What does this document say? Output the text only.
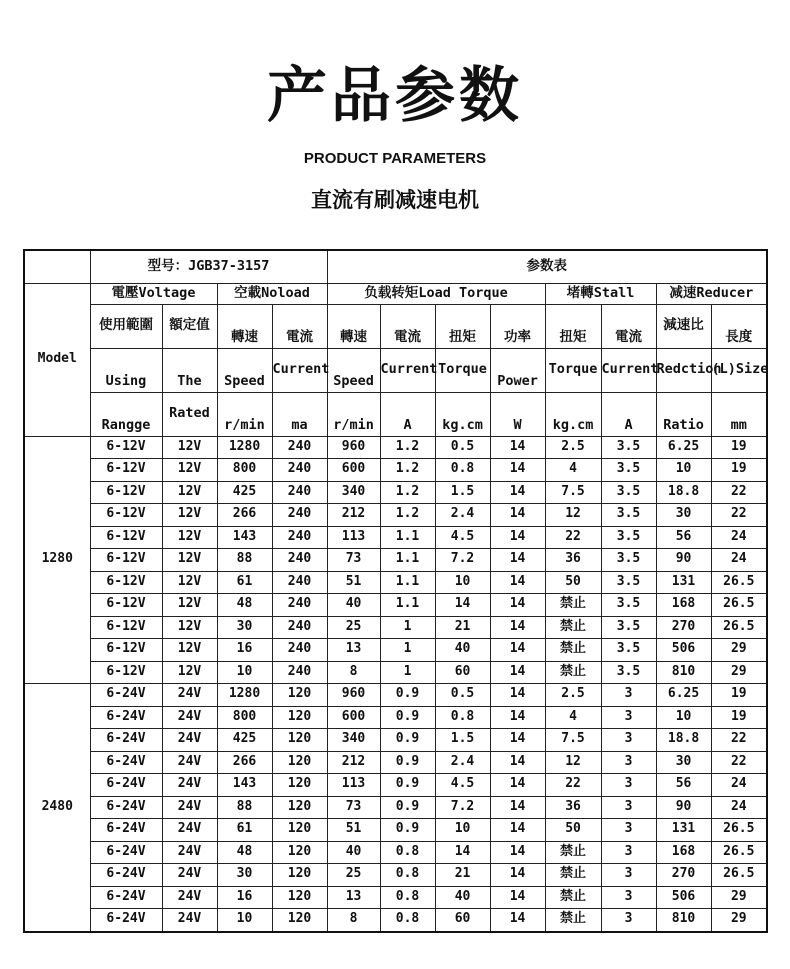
产品参数
PRODUCT PARAMETERS
直流有刷减速电机
	型号：JGB37-3157				参数表							
Model	電壓Voltage		空載Noload		负载转矩Load Torque				堵轉Stall		减速Reducer	
	使用範圍	額定值	轉速	電流	轉速	電流	扭矩	功率	扭矩	電流	減速比	長度
	Using	The	Speed	Current	Speed	Current	Torque	Power	Torque	Current	Redction	(L)Size
	Rangge	Rated	r/min	ma	r/min	A	kg.cm	W	kg.cm	A	Ratio	mm
1280	6-12V	12V	1280	240	960	1.2	0.5	14	2.5	3.5	6.25	19
	6-12V	12V	800	240	600	1.2	0.8	14	4	3.5	10	19
	6-12V	12V	425	240	340	1.2	1.5	14	7.5	3.5	18.8	22
	6-12V	12V	266	240	212	1.2	2.4	14	12	3.5	30	22
	6-12V	12V	143	240	113	1.1	4.5	14	22	3.5	56	24
	6-12V	12V	88	240	73	1.1	7.2	14	36	3.5	90	24
	6-12V	12V	61	240	51	1.1	10	14	50	3.5	131	26.5
	6-12V	12V	48	240	40	1.1	14	14	禁止	3.5	168	26.5
	6-12V	12V	30	240	25	1	21	14	禁止	3.5	270	26.5
	6-12V	12V	16	240	13	1	40	14	禁止	3.5	506	29
	6-12V	12V	10	240	8	1	60	14	禁止	3.5	810	29
2480	6-24V	24V	1280	120	960	0.9	0.5	14	2.5	3	6.25	19
	6-24V	24V	800	120	600	0.9	0.8	14	4	3	10	19
	6-24V	24V	425	120	340	0.9	1.5	14	7.5	3	18.8	22
	6-24V	24V	266	120	212	0.9	2.4	14	12	3	30	22
	6-24V	24V	143	120	113	0.9	4.5	14	22	3	56	24
	6-24V	24V	88	120	73	0.9	7.2	14	36	3	90	24
	6-24V	24V	61	120	51	0.9	10	14	50	3	131	26.5
	6-24V	24V	48	120	40	0.8	14	14	禁止	3	168	26.5
	6-24V	24V	30	120	25	0.8	21	14	禁止	3	270	26.5
	6-24V	24V	16	120	13	0.8	40	14	禁止	3	506	29
	6-24V	24V	10	120	8	0.8	60	14	禁止	3	810	29
